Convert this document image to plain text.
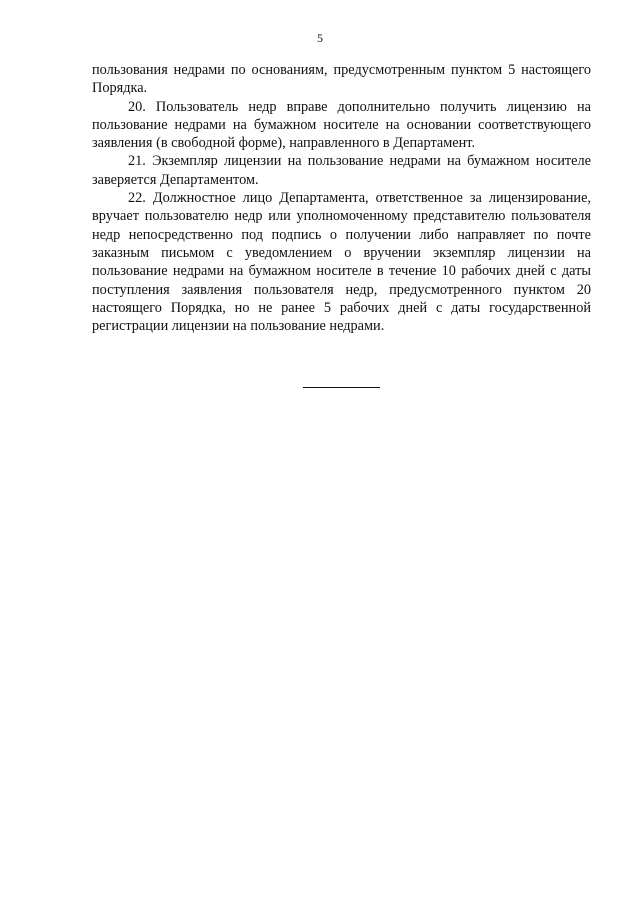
5

пользования недрами по основаниям, предусмотренным пунктом 5 настоящего Порядка.

20. Пользователь недр вправе дополнительно получить лицензию на пользование недрами на бумажном носителе на основании соответствующего заявления (в свободной форме), направленного в Департамент.

21. Экземпляр лицензии на пользование недрами на бумажном носителе заверяется Департаментом.

22. Должностное лицо Департамента, ответственное за лицензирование, вручает пользователю недр или уполномоченному представителю пользователя недр непосредственно под подпись о получении либо направляет по почте заказным письмом с уведомлением о вручении экземпляр лицензии на пользование недрами на бумажном носителе в течение 10 рабочих дней с даты поступления заявления пользователя недр, предусмотренного пунктом 20 настоящего Порядка, но не ранее 5 рабочих дней с даты государственной регистрации лицензии на пользование недрами.
